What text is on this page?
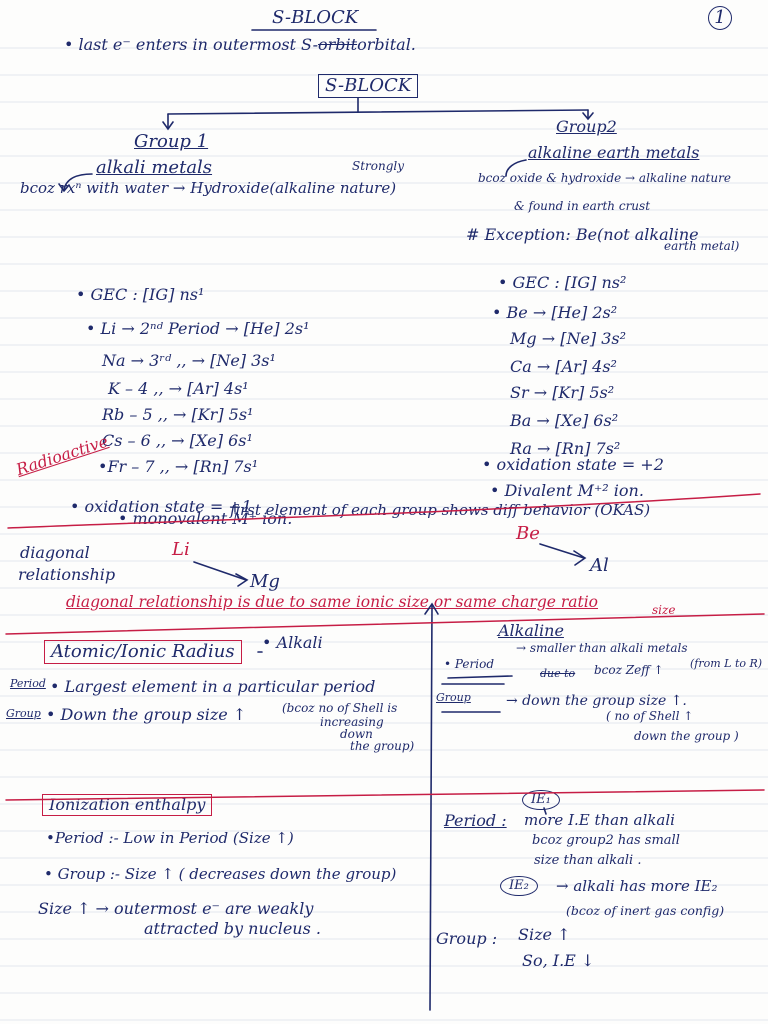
S-BLOCK	1

• last e⁻ enters in outermost S-orbitorbital.

S-BLOCK

Group 1

alkali metals

Group2

alkaline earth metals

Strongly

bcoz rxⁿ with water → Hydroxide(alkaline nature)

bcoz oxide & hydroxide → alkaline nature

& found in earth crust

# Exception: Be(not alkaline

earth metal)

• GEC : [IG] ns¹

• Li → 2ⁿᵈ Period → [He] 2s¹

Na → 3ʳᵈ ,, → [Ne] 3s¹

K – 4 ,, → [Ar] 4s¹

Rb – 5 ,, → [Kr] 5s¹

Cs – 6 ,, → [Xe] 6s¹

•Fr – 7 ,, → [Rn] 7s¹

Radioactive

• oxidation state = +1

• monovalent M⁺ ion.

• GEC : [IG] ns²

• Be → [He] 2s²

Mg → [Ne] 3s²

Ca → [Ar] 4s²

Sr → [Kr] 5s²

Ba → [Xe] 6s²

Ra → [Rn] 7s²

• oxidation state = +2

• Divalent M⁺² ion.

first element of each group shows diff behavior (OKAS)

diagonal

relationship

Li

Mg

Be

Al

diagonal relationship is due to same ionic size or same charge ratio	size

Atomic/Ionic Radius	• Alkali

Period • Largest element in a particular period

Group • Down the group size ↑	(bcoz no of Shell is

increasing

down

the group)

Alkaline

• Period

→ smaller than alkali metals

due to bcoz Zeff ↑ (from L to R)

Group	→ down the group size ↑.

( no of Shell ↑

down the group )

Ionization enthalpy

•Period :- Low in Period (Size ↑)

• Group :- Size ↑ ( decreases down the group)

Size ↑ → outermost e⁻ are weakly

attracted by nucleus .

IE₁

Period : more I.E than alkali

bcoz group2 has small

size than alkali .

IE₂	→ alkali has more IE₂

(bcoz of inert gas config)

Group : Size ↑

So, I.E ↓
